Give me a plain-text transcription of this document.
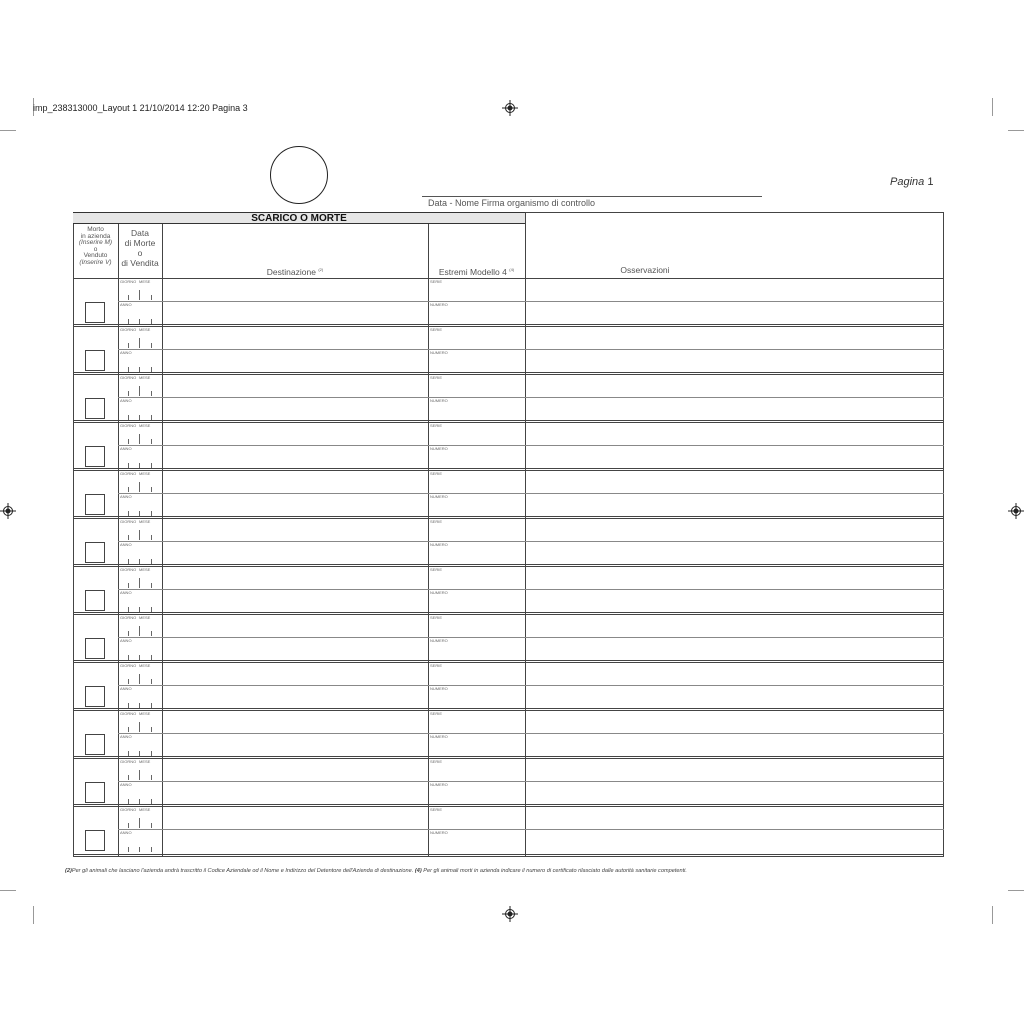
imp_238313000_Layout 1 21/10/2014 12:20 Pagina 3
Data - Nome Firma organismo di controllo
Pagina 1
SCARICO O MORTE
Morto
in azienda
(Inserire M)
o
Venduto
(Inserire V)
Data
di Morte
o
di Vendita
Destinazione $^{(2)}$	Estremi Modello 4 $^{(4)}$	Osservazioni
GIORNO MESE
ANNO
SERIE
NUMERO
GIORNO MESE
ANNO
SERIE
NUMERO
GIORNO MESE
ANNO
SERIE
NUMERO
GIORNO MESE
ANNO
SERIE
NUMERO
GIORNO MESE
ANNO
SERIE
NUMERO
GIORNO MESE
ANNO
SERIE
NUMERO
GIORNO MESE
ANNO
SERIE
NUMERO
GIORNO MESE
ANNO
SERIE
NUMERO
GIORNO MESE
ANNO
SERIE
NUMERO
GIORNO MESE
ANNO
SERIE
NUMERO
GIORNO MESE
ANNO
SERIE
NUMERO
GIORNO MESE
ANNO
SERIE
NUMERO
(2)Per gli animali che lasciano l'azienda andrà trascritto il Codice Aziendale od il Nome e Indirizzo del Detentore dell'Azienda di destinazione. (4) Per gli animali morti in azienda indicare il numero di certificato rilasciato dalle autorità sanitarie competenti.
